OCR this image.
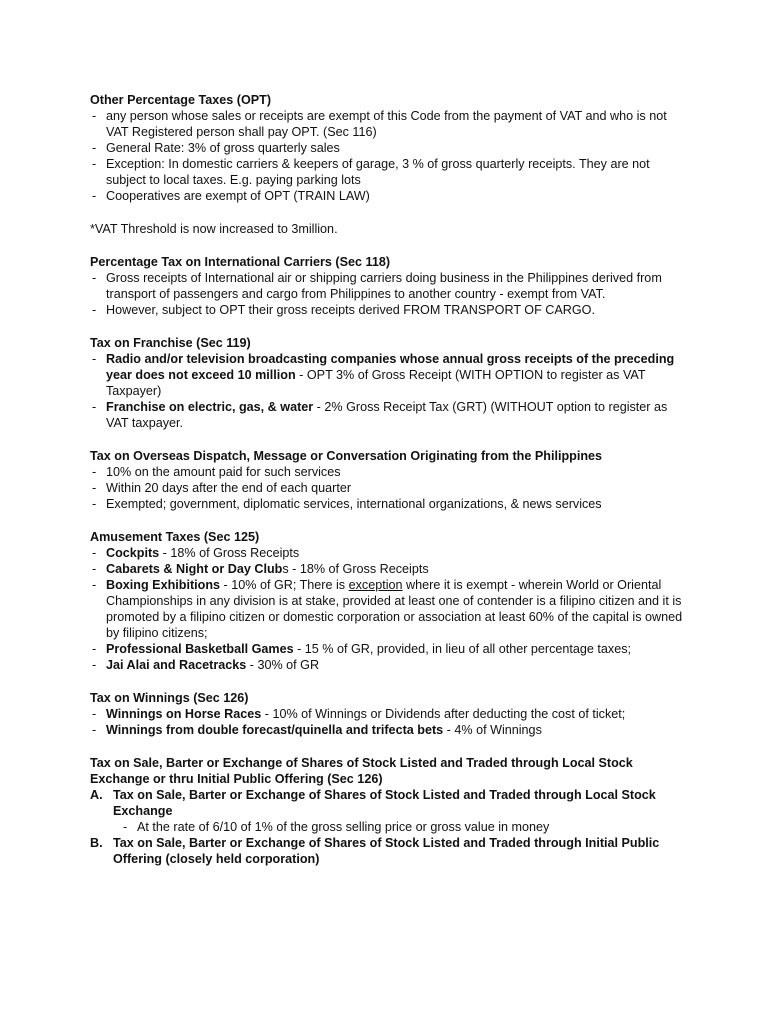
Other Percentage Taxes (OPT)

- any person whose sales or receipts are exempt of this Code from the payment of VAT and who is not VAT Registered person shall pay OPT. (Sec 116)
- General Rate: 3% of gross quarterly sales
- Exception: In domestic carriers & keepers of garage, 3 % of gross quarterly receipts. They are not subject to local taxes. E.g. paying parking lots
- Cooperatives are exempt of OPT (TRAIN LAW)
*VAT Threshold is now increased to 3million.

Percentage Tax on International Carriers (Sec 118)

- Gross receipts of International air or shipping carriers doing business in the Philippines derived from transport of passengers and cargo from Philippines to another country - exempt from VAT.
- However, subject to OPT their gross receipts derived FROM TRANSPORT OF CARGO.

Tax on Franchise (Sec 119)

- Radio and/or television broadcasting companies whose annual gross receipts of the preceding year does not exceed 10 million - OPT 3% of Gross Receipt (WITH OPTION to register as VAT Taxpayer)
- Franchise on electric, gas, & water - 2% Gross Receipt Tax (GRT) (WITHOUT option to register as VAT taxpayer.

Tax on Overseas Dispatch, Message or Conversation Originating from the Philippines

- 10% on the amount paid for such services
- Within 20 days after the end of each quarter
- Exempted; government, diplomatic services, international organizations, & news services

Amusement Taxes (Sec 125)

- Cockpits - 18% of Gross Receipts
- Cabarets & Night or Day Clubs - 18% of Gross Receipts
- Boxing Exhibitions - 10% of GR; There is exception where it is exempt - wherein World or Oriental Championships in any division is at stake, provided at least one of contender is a filipino citizen and it is promoted by a filipino citizen or domestic corporation or association at least 60% of the capital is owned by filipino citizens;
- Professional Basketball Games - 15 % of GR, provided, in lieu of all other percentage taxes;
- Jai Alai and Racetracks - 30% of GR

Tax on Winnings (Sec 126)

- Winnings on Horse Races - 10% of Winnings or Dividends after deducting the cost of ticket;
- Winnings from double forecast/quinella and trifecta bets - 4% of Winnings

Tax on Sale, Barter or Exchange of Shares of Stock Listed and Traded through Local Stock Exchange or thru Initial Public Offering (Sec 126)

A. Tax on Sale, Barter or Exchange of Shares of Stock Listed and Traded through Local Stock Exchange
- At the rate of 6/10 of 1% of the gross selling price or gross value in money
B. Tax on Sale, Barter or Exchange of Shares of Stock Listed and Traded through Initial Public Offering (closely held corporation)
